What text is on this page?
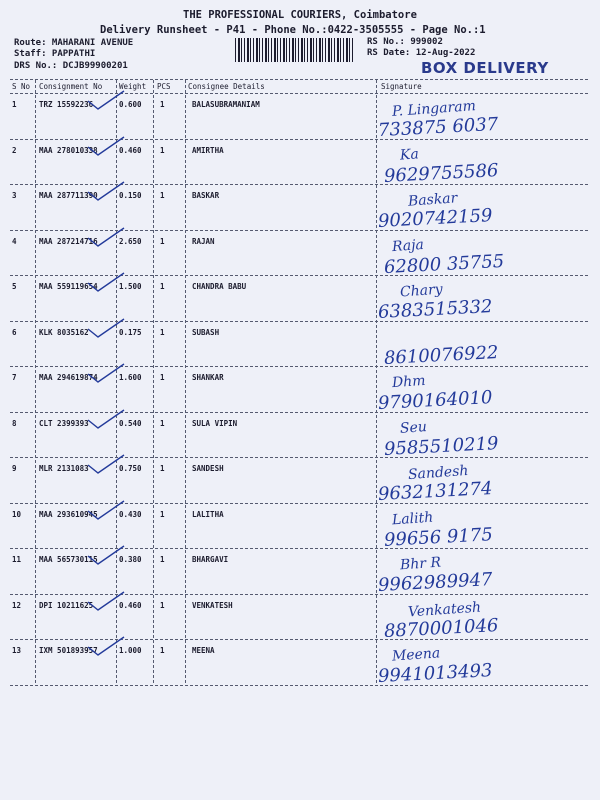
THE PROFESSIONAL COURIERS, Coimbatore
Delivery Runsheet - P41 - Phone No.:0422-3505555 - Page No.:1
Route: MAHARANI AVENUE
Staff: PAPPATHI
DRS No.: DCJB99900201
RS No.: 999002
RS Date: 12-Aug-2022
BOX DELIVERY
S No Consignment No Weight PCS Consignee Details	Signature
1	TRZ 15592236	0.600 1	BALASUBRAMANIAM	P. Lingaram
733875 6037
2	MAA 278010338	0.460 1	AMIRTHA	Ka
9629755586
3	MAA 287711390	0.150 1	BASKAR	Baskar
9020742159
4	MAA 287214716	2.650 1	RAJAN	Raja
62800 35755
5	MAA 559119654	1.500 1	CHANDRA BABU	Chary
6383515332
6	KLK 8035162	0.175 1	SUBASH
8610076922
7	MAA 294619874	1.600 1	SHANKAR	Dhm
9790164010
8	CLT 2399393	0.540 1	SULA VIPIN	Seu
9585510219
9	MLR 2131083	0.750 1	SANDESH	Sandesh
9632131274
10 MAA 293610945	0.430 1	LALITHA	Lalith
99656 9175
11 MAA 565730115	0.380 1	BHARGAVI	Bhr R
9962989947
12 DPI 10211625	0.460 1	VENKATESH	Venkatesh
8870001046
13 IXM 501893957	1.000 1	MEENA	Meena
9941013493
